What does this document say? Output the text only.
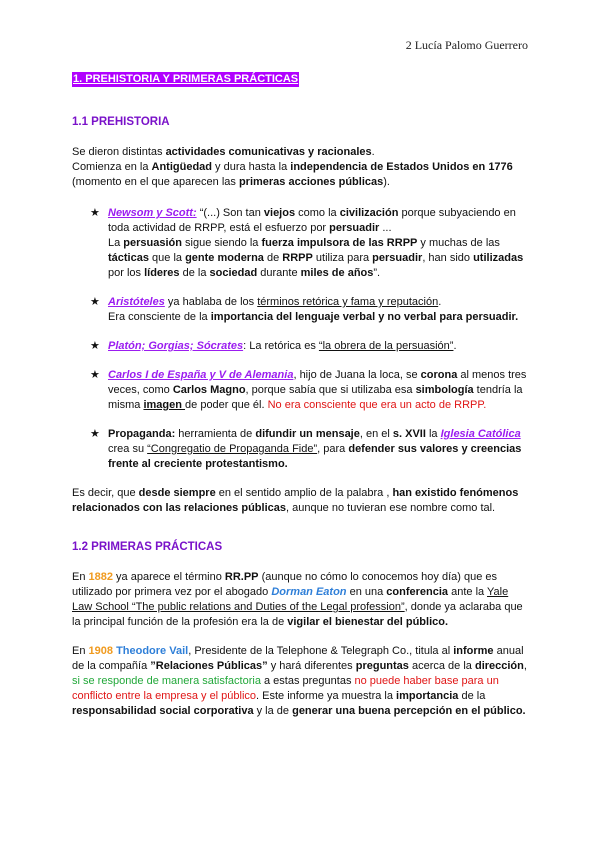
2 Lucía Palomo Guerrero
1. PREHISTORIA Y PRIMERAS PRÁCTICAS
1.1 PREHISTORIA

Se dieron distintas actividades comunicativas y racionales.
Comienza en la Antigüedad y dura hasta la independencia de Estados Unidos en 1776 (momento en el que aparecen las primeras acciones públicas).

★ Newsom y Scott: “(...) Son tan viejos como la civilización porque subyaciendo en toda actividad de RRPP, está el esfuerzo por persuadir ...
La persuasión sigue siendo la fuerza impulsora de las RRPP y muchas de las tácticas que la gente moderna de RRPP utiliza para persuadir, han sido utilizadas por los líderes de la sociedad durante miles de años”.
★ Aristóteles ya hablaba de los términos retórica y fama y reputación.
Era consciente de la importancia del lenguaje verbal y no verbal para persuadir.
★ Platón; Gorgias; Sócrates: La retórica es “la obrera de la persuasión”.
★ Carlos I de España y V de Alemania, hijo de Juana la loca, se corona al menos tres veces, como Carlos Magno, porque sabía que si utilizaba esa simbología tendría la misma imagen de poder que él. No era consciente que era un acto de RRPP.
★ Propaganda: herramienta de difundir un mensaje, en el s. XVII la Iglesia Católica crea su “Congregatio de Propaganda Fide”, para defender sus valores y creencias frente al creciente protestantismo.

Es decir, que desde siempre en el sentido amplio de la palabra , han existido fenómenos relacionados con las relaciones públicas, aunque no tuvieran ese nombre como tal.

1.2 PRIMERAS PRÁCTICAS

En 1882 ya aparece el término RR.PP (aunque no cómo lo conocemos hoy día) que es utilizado por primera vez por el abogado Dorman Eaton en una conferencia ante la Yale Law School “The public relations and Duties of the Legal profession”, donde ya aclaraba que la principal función de la profesión era la de vigilar el bienestar del público.

En 1908 Theodore Vail, Presidente de la Telephone & Telegraph Co., titula al informe anual de la compañía ”Relaciones Públicas” y hará diferentes preguntas acerca de la dirección, si se responde de manera satisfactoria a estas preguntas no puede haber base para un conflicto entre la empresa y el público. Este informe ya muestra la importancia de la responsabilidad social corporativa y la de generar una buena percepción en el público.
